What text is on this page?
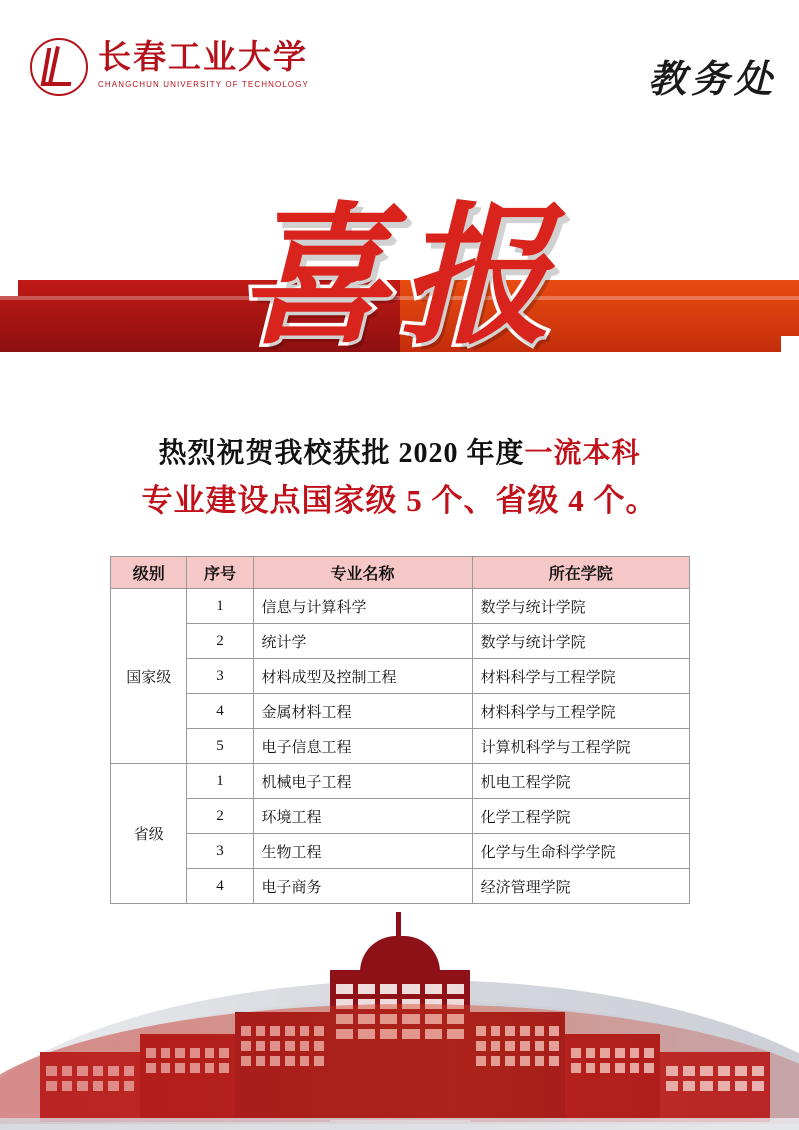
长春工业大学
CHANGCHUN UNIVERSITY OF TECHNOLOGY	教务处
喜报
热烈祝贺我校获批 2020 年度一流本科
专业建设点国家级 5 个、省级 4 个。
级别	序号	专业名称	所在学院
国家级	1	信息与计算科学	数学与统计学院
	2	统计学	数学与统计学院
	3	材料成型及控制工程	材料科学与工程学院
	4	金属材料工程	材料科学与工程学院
	5	电子信息工程	计算机科学与工程学院
省级	1	机械电子工程	机电工程学院
	2	环境工程	化学工程学院
	3	生物工程	化学与生命科学学院
	4	电子商务	经济管理学院
